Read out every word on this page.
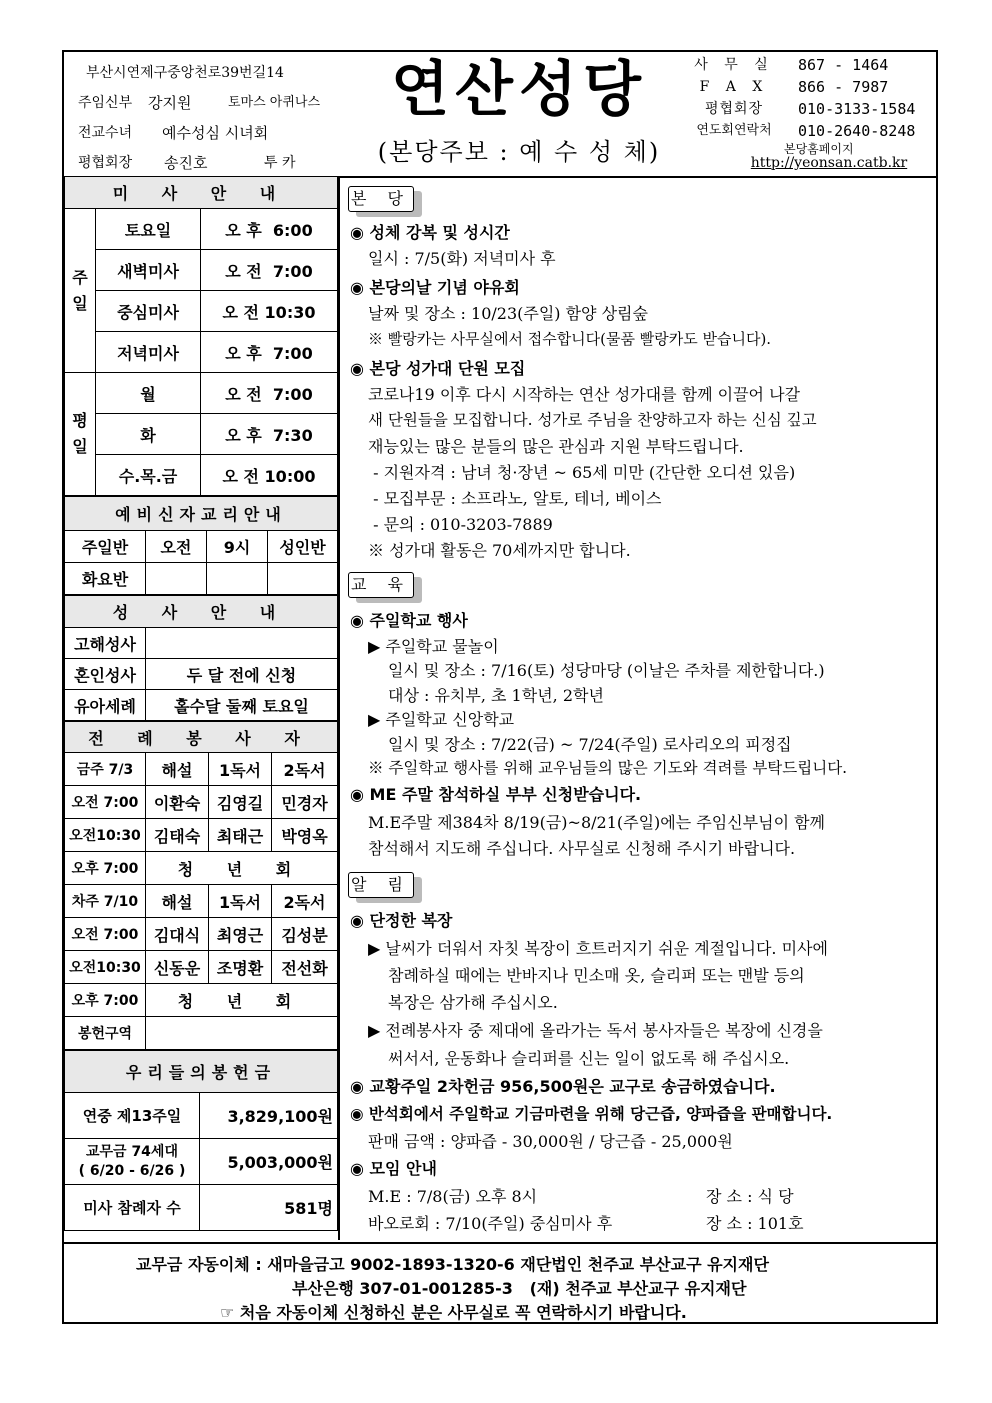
부산시연제구중앙천로39번길14
주임신부	강지원	토마스 아퀴나스
전교수녀	예수성심 시녀회
평협회장	송진호	투 카
연산성당
(본당주보 : 예 수 성 체)
사 무 실	867 - 1464
F A X	866 - 7987
평협회장	010-3133-1584
연도회연락처	010-2640-8248
본당홈페이지
http://yeonsan.catb.kr
미 사 안 내		
주 일	토요일	오 후  6:00
	새벽미사	오 전  7:00
	중심미사	오 전 10:30
	저녁미사	오 후  7:00
평 일	월	오 전  7:00
	화	오 후  7:30
	수.목.금	오 전 10:00
예비신자교리안내			
주일반	오전	9시	성인반
화요반			
성 사 안 내	
고해성사	
혼인성사	두 달 전에 신청
유아세례	홀수달 둘째 토요일
전 례 봉 사 자			
금주 7/3	해설	1독서	2독서
오전 7:00	이환숙	김영길	민경자
오전10:30	김태숙	최태근	박영옥
오후 7:00	청 년 회		
차주 7/10	해설	1독서	2독서
오전 7:00	김대식	최영근	김성분
오전10:30	신동운	조명환	전선화
오후 7:00	청 년 회		
봉헌구역			
우리들의봉헌금	
연중 제13주일	3,829,100원
교무금 74세대
( 6/20 - 6/26 )	5,003,000원
미사 참례자 수	581명
본 당
◉ 성체 강복 및 성시간
일시 : 7/5(화) 저녁미사 후
◉ 본당의날 기념 야유회
날짜 및 장소 : 10/23(주일) 함양 상림숲
※ 빨랑카는 사무실에서 접수합니다(물품 빨랑카도 받습니다).
◉ 본당 성가대 단원 모집
코로나19 이후 다시 시작하는 연산 성가대를 함께 이끌어 나갈
새 단원들을 모집합니다. 성가로 주님을 찬양하고자 하는 신심 깊고
재능있는 많은 분들의 많은 관심과 지원 부탁드립니다.
- 지원자격 : 남녀 청·장년 ~ 65세 미만 (간단한 오디션 있음)
- 모집부문 : 소프라노, 알토, 테너, 베이스
- 문의 : 010-3203-7889
※ 성가대 활동은 70세까지만 합니다.
교 육
◉ 주일학교 행사
▶ 주일학교 물놀이
일시 및 장소 : 7/16(토) 성당마당 (이날은 주차를 제한합니다.)
대상 : 유치부, 초 1학년, 2학년
▶ 주일학교 신앙학교
일시 및 장소 : 7/22(금) ~ 7/24(주일) 로사리오의 피정집
※ 주일학교 행사를 위해 교우님들의 많은 기도와 격려를 부탁드립니다.
◉ ME 주말 참석하실 부부 신청받습니다.
M.E주말 제384차 8/19(금)~8/21(주일)에는 주임신부님이 함께
참석해서 지도해 주십니다. 사무실로 신청해 주시기 바랍니다.
알 림
◉ 단정한 복장
▶ 날씨가 더워서 자칫 복장이 흐트러지기 쉬운 계절입니다. 미사에
참례하실 때에는 반바지나 민소매 옷, 슬리퍼 또는 맨발 등의
복장은 삼가해 주십시오.
▶ 전례봉사자 중 제대에 올라가는 독서 봉사자들은 복장에 신경을
써서서, 운동화나 슬리퍼를 신는 일이 없도록 해 주십시오.
◉ 교황주일 2차헌금 956,500원은 교구로 송금하였습니다.
◉ 반석회에서 주일학교 기금마련을 위해 당근즙, 양파즙을 판매합니다.
판매 금액 : 양파즙 - 30,000원 / 당근즙 - 25,000원
◉ 모임 안내
M.E : 7/8(금) 오후 8시	장 소 : 식 당
바오로회 : 7/10(주일) 중심미사 후	장 소 : 101호
교무금 자동이체 : 새마을금고 9002-1893-1320-6 재단법인 천주교 부산교구 유지재단
부산은행 307-01-001285-3   (재) 천주교 부산교구 유지재단
☞ 처음 자동이체 신청하신 분은 사무실로 꼭 연락하시기 바랍니다.
